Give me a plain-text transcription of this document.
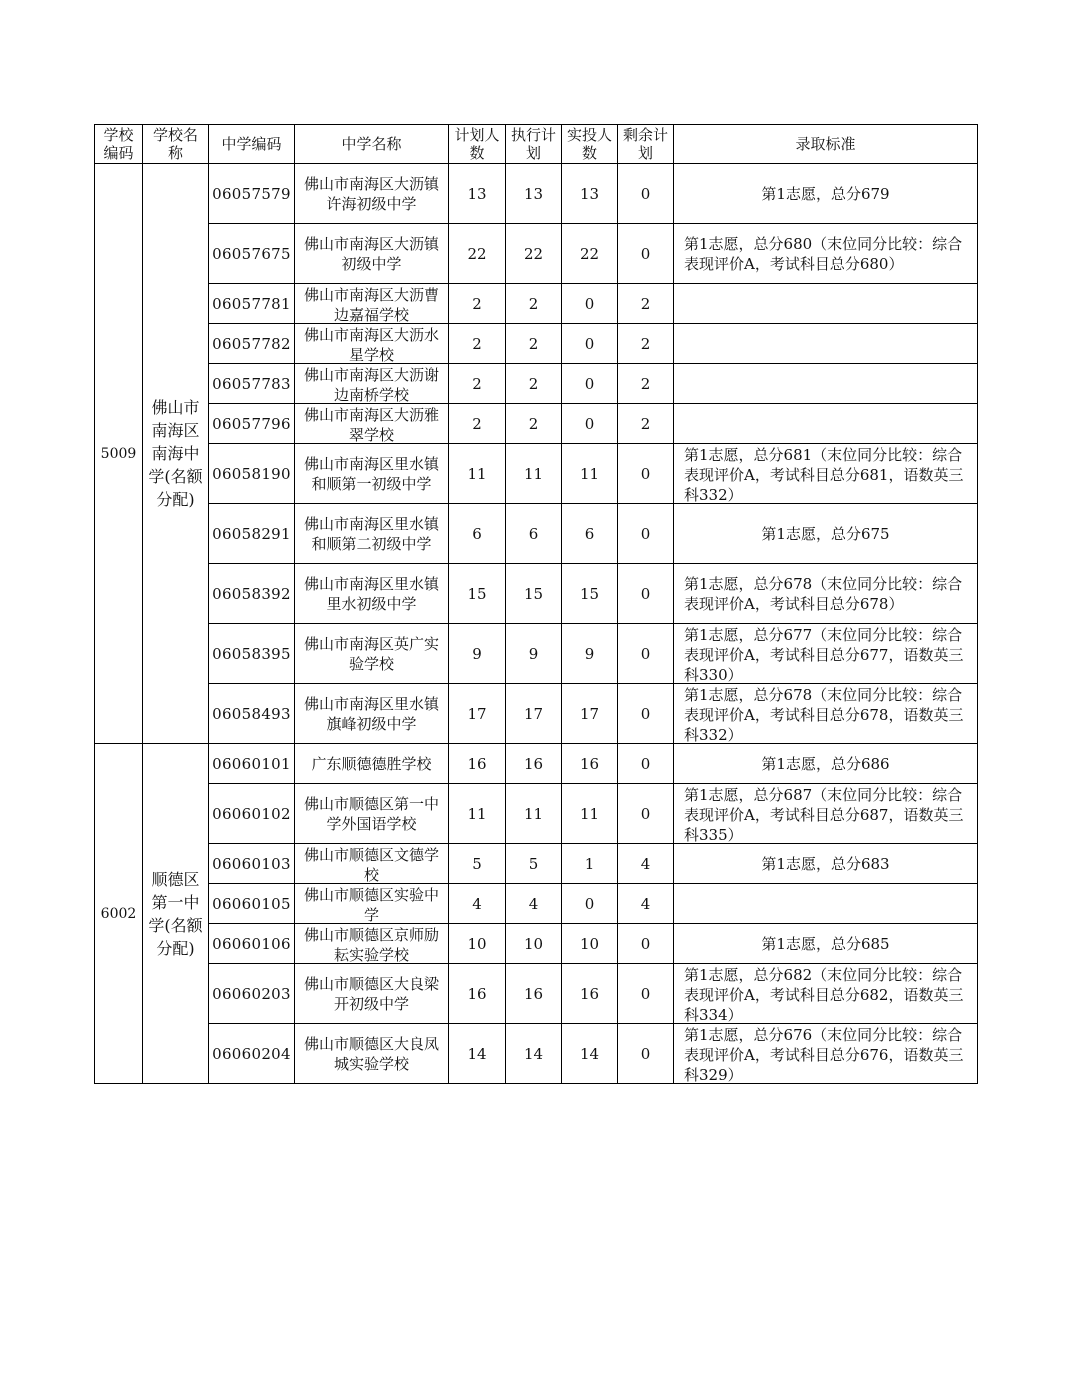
学校编码	学校名称	中学编码	中学名称	计划人数	执行计划	实投人数	剩余计划	录取标准
5009	佛山市南海区南海中学(名额分配)	06057579	佛山市南海区大沥镇许海初级中学	13	13	13	0	第1志愿，总分679

		06057675	佛山市南海区大沥镇初级中学	22	22	22	0	第1志愿，总分680（末位同分比较：综合表现评价A，考试科目总分680）

		06057781	佛山市南海区大沥曹边嘉福学校	2	2	0	2	

		06057782	佛山市南海区大沥水星学校	2	2	0	2	

		06057783	佛山市南海区大沥谢边南桥学校	2	2	0	2	

		06057796	佛山市南海区大沥雅翠学校	2	2	0	2	

		06058190	佛山市南海区里水镇和顺第一初级中学	11	11	11	0	第1志愿，总分681（末位同分比较：综合表现评价A，考试科目总分681，语数英三科332）

		06058291	佛山市南海区里水镇和顺第二初级中学	6	6	6	0	第1志愿，总分675

		06058392	佛山市南海区里水镇里水初级中学	15	15	15	0	第1志愿，总分678（末位同分比较：综合表现评价A，考试科目总分678）

		06058395	佛山市南海区英广实验学校	9	9	9	0	第1志愿，总分677（末位同分比较：综合表现评价A，考试科目总分677，语数英三科330）

		06058493	佛山市南海区里水镇旗峰初级中学	17	17	17	0	第1志愿，总分678（末位同分比较：综合表现评价A，考试科目总分678，语数英三科332）

6002	顺德区第一中学(名额分配)	06060101	广东顺德德胜学校	16	16	16	0	第1志愿，总分686

		06060102	佛山市顺德区第一中学外国语学校	11	11	11	0	第1志愿，总分687（末位同分比较：综合表现评价A，考试科目总分687，语数英三科335）

		06060103	佛山市顺德区文德学校	5	5	1	4	第1志愿，总分683

		06060105	佛山市顺德区实验中学	4	4	0	4	

		06060106	佛山市顺德区京师励耘实验学校	10	10	10	0	第1志愿，总分685

		06060203	佛山市顺德区大良梁开初级中学	16	16	16	0	第1志愿，总分682（末位同分比较：综合表现评价A，考试科目总分682，语数英三科334）

		06060204	佛山市顺德区大良凤城实验学校	14	14	14	0	第1志愿，总分676（末位同分比较：综合表现评价A，考试科目总分676，语数英三科329）
